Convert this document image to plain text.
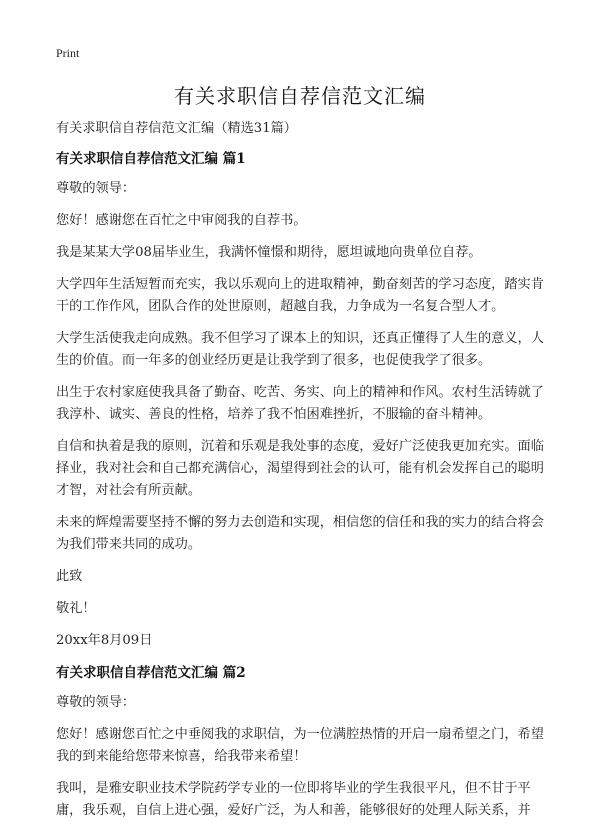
Print
有关求职信自荐信范文汇编

有关求职信自荐信范文汇编（精选31篇）

有关求职信自荐信范文汇编 篇1

尊敬的领导：

您好！感谢您在百忙之中审阅我的自荐书。

我是某某大学08届毕业生，我满怀憧憬和期待，愿坦诚地向贵单位自荐。

大学四年生活短暂而充实，我以乐观向上的进取精神，勤奋刻苦的学习态度，踏实肯干的工作作风，团队合作的处世原则，超越自我，力争成为一名复合型人才。

大学生活使我走向成熟。我不但学习了课本上的知识，还真正懂得了人生的意义，人生的价值。而一年多的创业经历更是让我学到了很多，也促使我学了很多。

出生于农村家庭使我具备了勤奋、吃苦、务实、向上的精神和作风。农村生活铸就了我淳朴、诚实、善良的性格，培养了我不怕困难挫折，不服输的奋斗精神。

自信和执着是我的原则，沉着和乐观是我处事的态度，爱好广泛使我更加充实。面临择业，我对社会和自己都充满信心，渴望得到社会的认可，能有机会发挥自己的聪明才智，对社会有所贡献。

未来的辉煌需要坚持不懈的努力去创造和实现，相信您的信任和我的实力的结合将会为我们带来共同的成功。

此致

敬礼！

20xx年8月09日

有关求职信自荐信范文汇编 篇2

尊敬的领导：

您好！感谢您百忙之中垂阅我的求职信，为一位满腔热情的开启一扇希望之门，希望我的到来能给您带来惊喜，给我带来希望！

我叫，是雅安职业技术学院药学专业的一位即将毕业的学生我很平凡，但不甘于平庸，我乐观，自信上进心强，爱好广泛，为人和善，能够很好的处理人际关系，并
